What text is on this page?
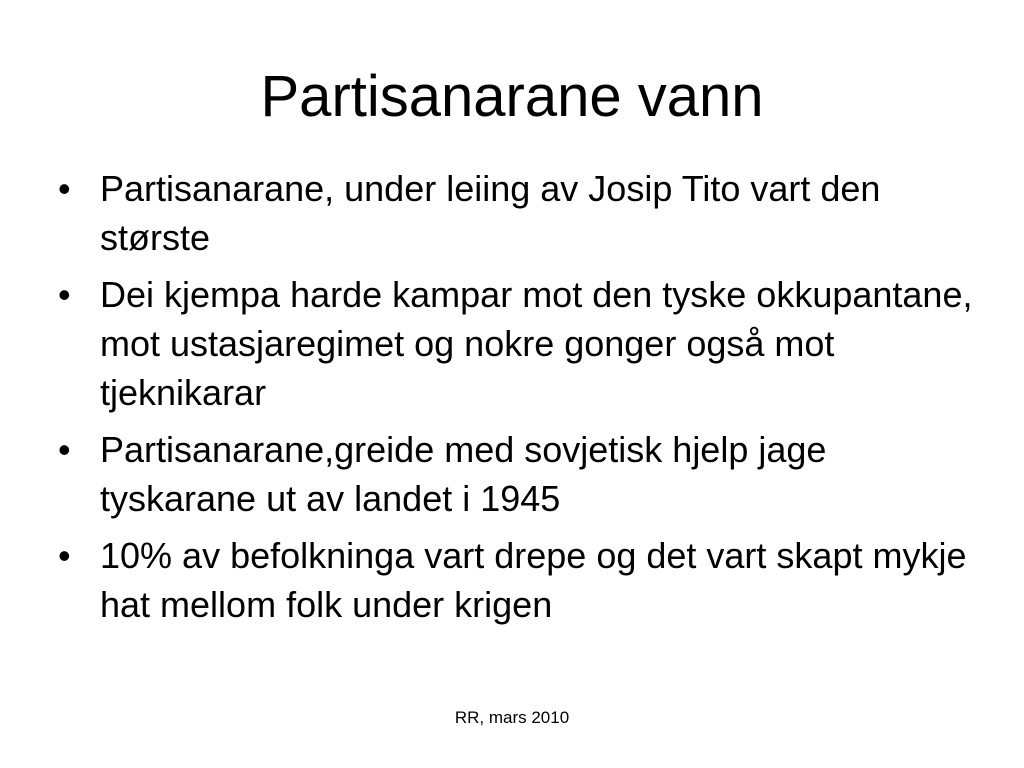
Partisanarane vann
• Partisanarane, under leiing av Josip Tito vart den største
• Dei kjempa harde kampar mot den tyske okkupantane, mot ustasjaregimet og nokre gonger også mot tjeknikarar
• Partisanarane,greide med sovjetisk hjelp jage tyskarane ut av landet i 1945
• 10% av befolkninga vart drepe og det vart skapt mykje hat mellom folk under krigen
RR, mars 2010
